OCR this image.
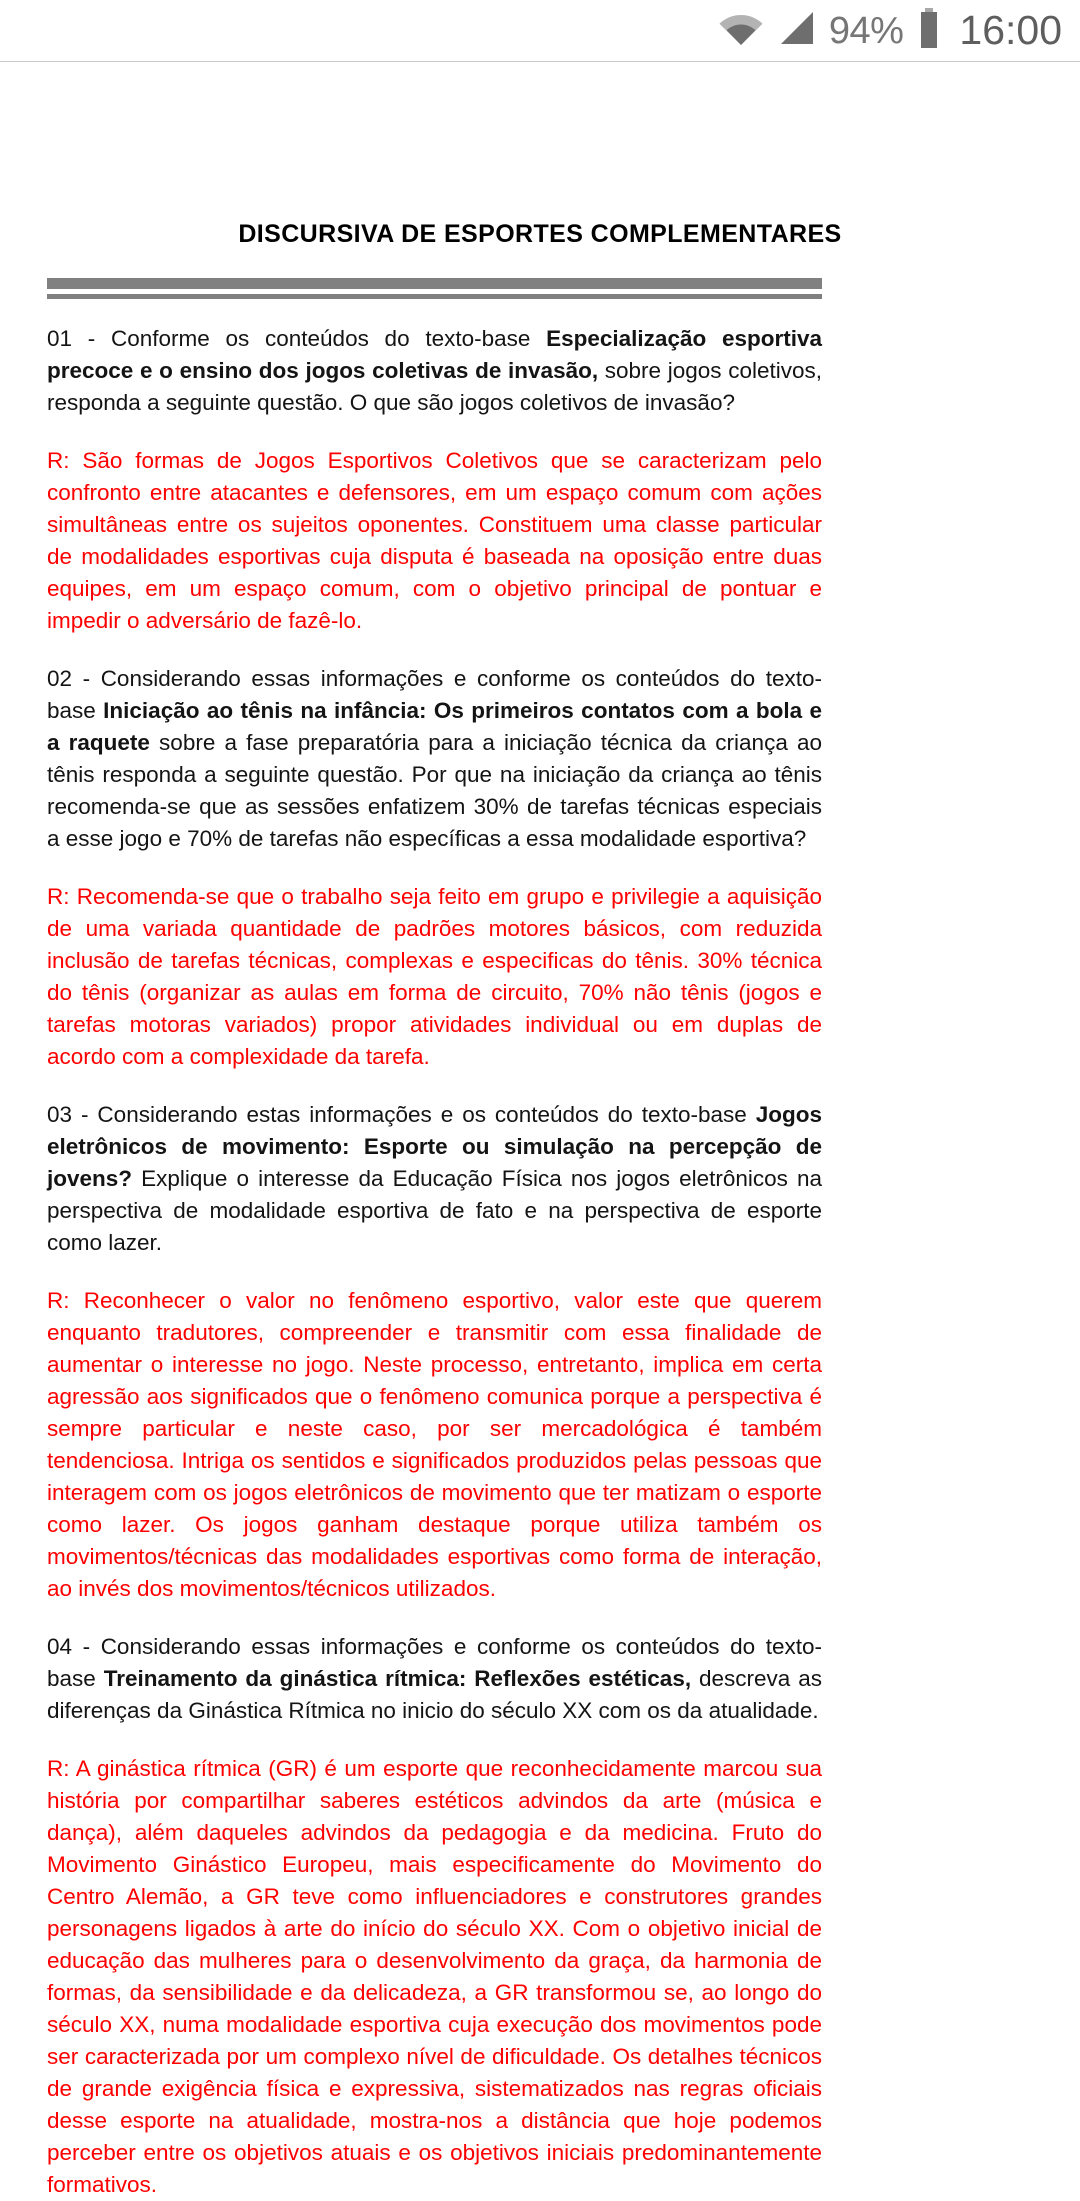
94% 16:00
DISCURSIVA DE ESPORTES COMPLEMENTARES

01 - Conforme os conteúdos do texto-base Especialização esportiva precoce e o ensino dos jogos coletivas de invasão, sobre jogos coletivos, responda a seguinte questão. O que são jogos coletivos de invasão?

R: São formas de Jogos Esportivos Coletivos que se caracterizam pelo confronto entre atacantes e defensores, em um espaço comum com ações simultâneas entre os sujeitos oponentes. Constituem uma classe particular de modalidades esportivas cuja disputa é baseada na oposição entre duas equipes, em um espaço comum, com o objetivo principal de pontuar e impedir o adversário de fazê-lo.

02 - Considerando essas informações e conforme os conteúdos do texto-base Iniciação ao tênis na infância: Os primeiros contatos com a bola e a raquete sobre a fase preparatória para a iniciação técnica da criança ao tênis responda a seguinte questão. Por que na iniciação da criança ao tênis recomenda-se que as sessões enfatizem 30% de tarefas técnicas especiais a esse jogo e 70% de tarefas não específicas a essa modalidade esportiva?

R: Recomenda-se que o trabalho seja feito em grupo e privilegie a aquisição de uma variada quantidade de padrões motores básicos, com reduzida inclusão de tarefas técnicas, complexas e especificas do tênis. 30% técnica do tênis (organizar as aulas em forma de circuito, 70% não tênis (jogos e tarefas motoras variados) propor atividades individual ou em duplas de acordo com a complexidade da tarefa.

03 - Considerando estas informações e os conteúdos do texto-base Jogos eletrônicos de movimento: Esporte ou simulação na percepção de jovens? Explique o interesse da Educação Física nos jogos eletrônicos na perspectiva de modalidade esportiva de fato e na perspectiva de esporte como lazer.

R: Reconhecer o valor no fenômeno esportivo, valor este que querem enquanto tradutores, compreender e transmitir com essa finalidade de aumentar o interesse no jogo. Neste processo, entretanto, implica em certa agressão aos significados que o fenômeno comunica porque a perspectiva é sempre particular e neste caso, por ser mercadológica é também tendenciosa. Intriga os sentidos e significados produzidos pelas pessoas que interagem com os jogos eletrônicos de movimento que ter matizam o esporte como lazer. Os jogos ganham destaque porque utiliza também os movimentos/técnicas das modalidades esportivas como forma de interação, ao invés dos movimentos/técnicos utilizados.

04 - Considerando essas informações e conforme os conteúdos do texto-base Treinamento da ginástica rítmica: Reflexões estéticas, descreva as diferenças da Ginástica Rítmica no inicio do século XX com os da atualidade.

R: A ginástica rítmica (GR) é um esporte que reconhecidamente marcou sua história por compartilhar saberes estéticos advindos da arte (música e dança), além daqueles advindos da pedagogia e da medicina. Fruto do Movimento Ginástico Europeu, mais especificamente do Movimento do Centro Alemão, a GR teve como influenciadores e construtores grandes personagens ligados à arte do início do século XX. Com o objetivo inicial de educação das mulheres para o desenvolvimento da graça, da harmonia de formas, da sensibilidade e da delicadeza, a GR transformou se, ao longo do século XX, numa modalidade esportiva cuja execução dos movimentos pode ser caracterizada por um complexo nível de dificuldade. Os detalhes técnicos de grande exigência física e expressiva, sistematizados nas regras oficiais desse esporte na atualidade, mostra-nos a distância que hoje podemos perceber entre os objetivos atuais e os objetivos iniciais predominantemente formativos.
